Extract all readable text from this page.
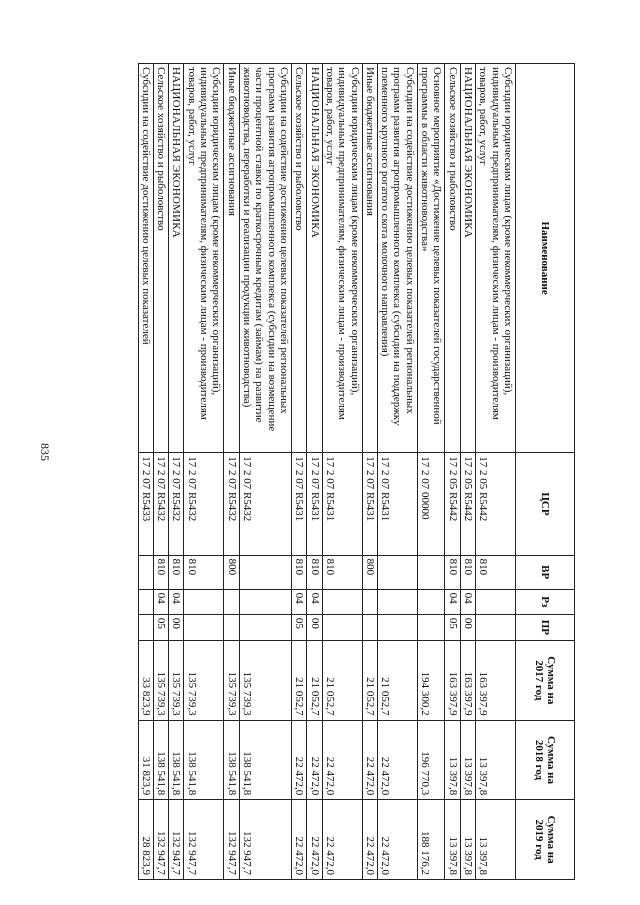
835
Наименование	ЦСР	ВР	Рз	ПР	Сумма на 2017 год	Сумма на 2018 год	Сумма на 2019 год
Субсидии юридическим лицам (кроме некоммерческих организаций), индивидуальным предпринимателям, физическим лицам - производителям товаров, работ, услуг	17 2 05 R5442	810			163 397,9	13 397,8	13 397,8
НАЦИОНАЛЬНАЯ ЭКОНОМИКА	17 2 05 R5442	810	04	00	163 397,9	13 397,8	13 397,8
Сельское хозяйство и рыболовство	17 2 05 R5442	810	04	05	163 397,9	13 397,8	13 397,8
Основное мероприятие «Достижение целевых показателей государственной программы в области животноводства»	17 2 07 00000				194 300,2	196 770,3	188 176,2
Субсидии на содействие достижению целевых показателей региональных программ развития агропромышленного комплекса (субсидии на поддержку племенного крупного рогатого скота молочного направления)	17 2 07 R5431				21 052,7	22 472,0	22 472,0
Иные бюджетные ассигнования	17 2 07 R5431	800			21 052,7	22 472,0	22 472,0
Субсидии юридическим лицам (кроме некоммерческих организаций), индивидуальным предпринимателям, физическим лицам - производителям товаров, работ, услуг	17 2 07 R5431	810			21 052,7	22 472,0	22 472,0
НАЦИОНАЛЬНАЯ ЭКОНОМИКА	17 2 07 R5431	810	04	00	21 052,7	22 472,0	22 472,0
Сельское хозяйство и рыболовство	17 2 07 R5431	810	04	05	21 052,7	22 472,0	22 472,0
Субсидии на содействие достижению целевых показателей региональных программ развития агропромышленного комплекса (субсидии на возмещение части процентной ставки по краткосрочным кредитам (займам) на развитие животноводства, переработки и реализации продукции животноводства)	17 2 07 R5432				135 739,3	138 541,8	132 947,7
Иные бюджетные ассигнования	17 2 07 R5432	800			135 739,3	138 541,8	132 947,7
Субсидии юридическим лицам (кроме некоммерческих организаций), индивидуальным предпринимателям, физическим лицам - производителям товаров, работ, услуг	17 2 07 R5432	810			135 739,3	138 541,8	132 947,7
НАЦИОНАЛЬНАЯ ЭКОНОМИКА	17 2 07 R5432	810	04	00	135 739,3	138 541,8	132 947,7
Сельское хозяйство и рыболовство	17 2 07 R5432	810	04	05	135 739,3	138 541,8	132 947,7
Субсидии на содействие достижению целевых показателей	17 2 07 R5433				33 823,9	31 823,9	28 823,9
